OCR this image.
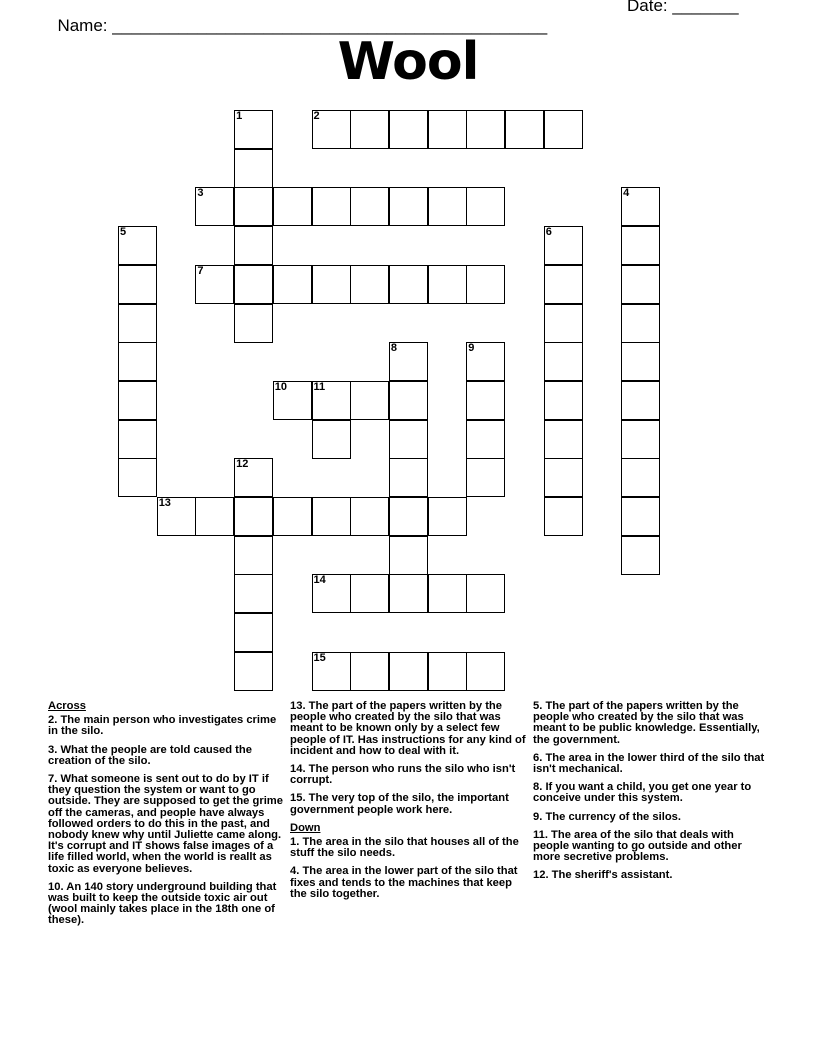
Name: ______________________________________________

Date: _______

Wool
1	2
3	4
5	6
7
8	9
10 11
12
13
14
15
Across
2. The main person who investigates crime in the silo.
3. What the people are told caused the creation of the silo.
7. What someone is sent out to do by IT if they question the system or want to go outside. They are supposed to get the grime off the cameras, and people have always followed orders to do this in the past, and nobody knew why until Juliette came along. It's corrupt and IT shows false images of a life filled world, when the world is reallt as toxic as everyone believes.
10. An 140 story underground building that was built to keep the outside toxic air out (wool mainly takes place in the 18th one of these).
13. The part of the papers written by the people who created by the silo that was meant to be known only by a select few people of IT. Has instructions for any kind of incident and how to deal with it.
14. The person who runs the silo who isn't corrupt.
15. The very top of the silo, the important government people work here.
Down
1. The area in the silo that houses all of the stuff the silo needs.
4. The area in the lower part of the silo that fixes and tends to the machines that keep the silo together.
5. The part of the papers written by the people who created by the silo that was meant to be public knowledge. Essentially, the government.
6. The area in the lower third of the silo that isn't mechanical.
8. If you want a child, you get one year to conceive under this system.
9. The currency of the silos.
11. The area of the silo that deals with people wanting to go outside and other more secretive problems.
12. The sheriff's assistant.
